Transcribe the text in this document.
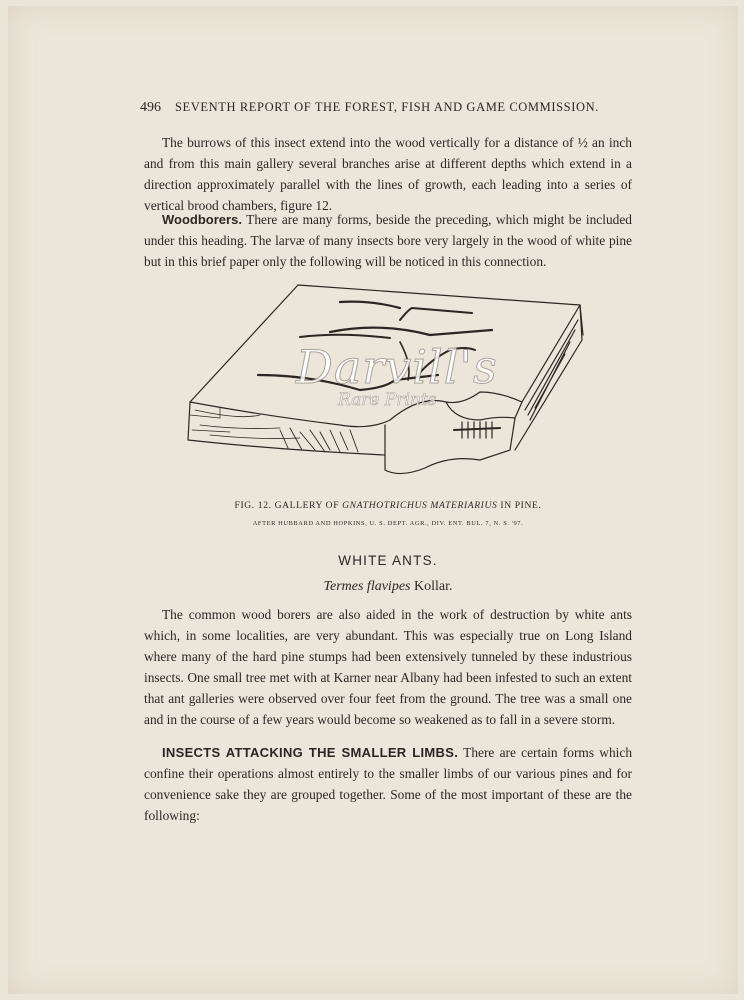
496 SEVENTH REPORT OF THE FOREST, FISH AND GAME COMMISSION.

The burrows of this insect extend into the wood vertically for a distance of ½ an inch and from this main gallery several branches arise at different depths which extend in a direction approximately parallel with the lines of growth, each leading into a series of vertical brood chambers, figure 12.

Woodborers. There are many forms, beside the preceding, which might be included under this heading. The larvæ of many insects bore very largely in the wood of white pine but in this brief paper only the following will be noticed in this connection.

Darvill's
Rare Prints
FIG. 12. GALLERY OF GNATHOTRICHUS MATERIARIUS IN PINE.
AFTER HUBBARD AND HOPKINS, U. S. DEPT. AGR., DIV. ENT. BUL. 7, N. S. '97.
WHITE ANTS.
Termes flavipes Kollar.

The common wood borers are also aided in the work of destruction by white ants which, in some localities, are very abundant. This was especially true on Long Island where many of the hard pine stumps had been extensively tunneled by these industrious insects. One small tree met with at Karner near Albany had been infested to such an extent that ant galleries were observed over four feet from the ground. The tree was a small one and in the course of a few years would become so weakened as to fall in a severe storm.

INSECTS ATTACKING THE SMALLER LIMBS. There are certain forms which confine their operations almost entirely to the smaller limbs of our various pines and for convenience sake they are grouped together. Some of the most important of these are the following:
